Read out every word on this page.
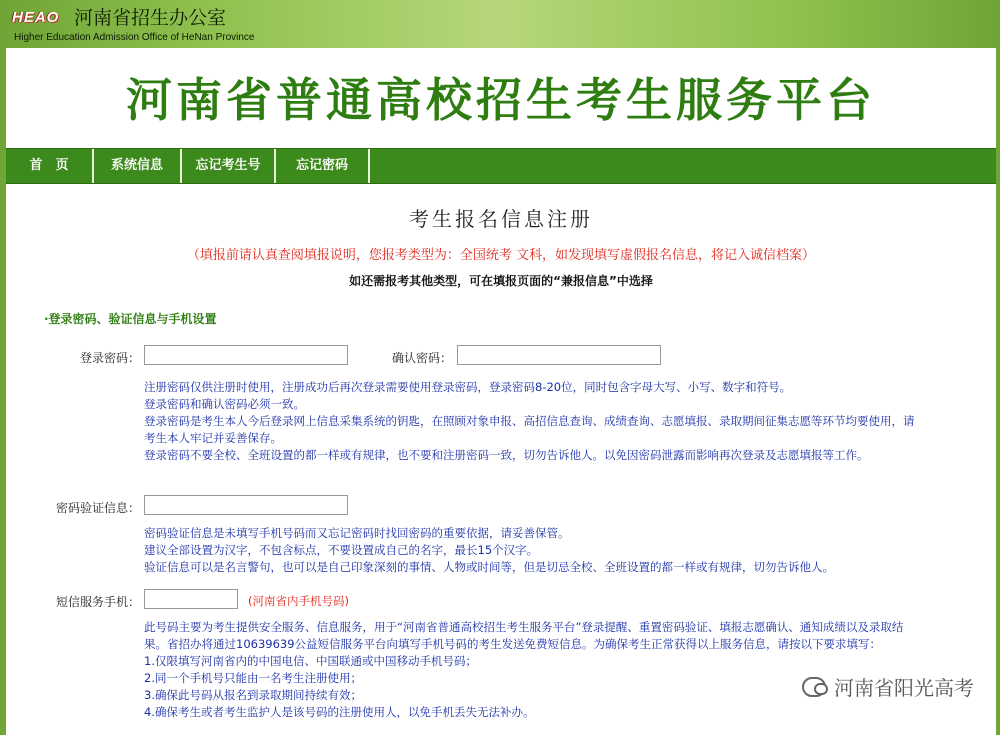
HEAO 河南省招生办公室
Higher Education Admission Office of HeNan Province
河南省普通高校招生考生服务平台
首　页	系统信息	忘记考生号	忘记密码
考生报名信息注册
（填报前请认真查阅填报说明，您报考类型为：全国统考 文科，如发现填写虚假报名信息，将记入诚信档案）
如还需报考其他类型，可在填报页面的“兼报信息”中选择
·登录密码、验证信息与手机设置
登录密码：	确认密码：
注册密码仅供注册时使用，注册成功后再次登录需要使用登录密码，登录密码8-20位，同时包含字母大写、小写、数字和符号。
登录密码和确认密码必须一致。
登录密码是考生本人今后登录网上信息采集系统的钥匙，在照顾对象申报、高招信息查询、成绩查询、志愿填报、录取期间征集志愿等环节均要使用，请
考生本人牢记并妥善保存。
登录密码不要全校、全班设置的都一样或有规律，也不要和注册密码一致，切勿告诉他人。以免因密码泄露而影响再次登录及志愿填报等工作。
密码验证信息：
密码验证信息是未填写手机号码而又忘记密码时找回密码的重要依据，请妥善保管。
建议全部设置为汉字，不包含标点，不要设置成自己的名字，最长15个汉字。
验证信息可以是名言警句，也可以是自己印象深刻的事情、人物或时间等，但是切忌全校、全班设置的都一样或有规律，切勿告诉他人。
短信服务手机：	(河南省内手机号码)
此号码主要为考生提供安全服务、信息服务，用于“河南省普通高校招生考生服务平台”登录提醒、重置密码验证、填报志愿确认、通知成绩以及录取结
果。省招办将通过10639639公益短信服务平台向填写手机号码的考生发送免费短信息。为确保考生正常获得以上服务信息，请按以下要求填写：
1.仅限填写河南省内的中国电信、中国联通或中国移动手机号码；
2.同一个手机号只能由一名考生注册使用；
3.确保此号码从报名到录取期间持续有效；
4.确保考生或者考生监护人是该号码的注册使用人，以免手机丢失无法补办。
河南省阳光高考
